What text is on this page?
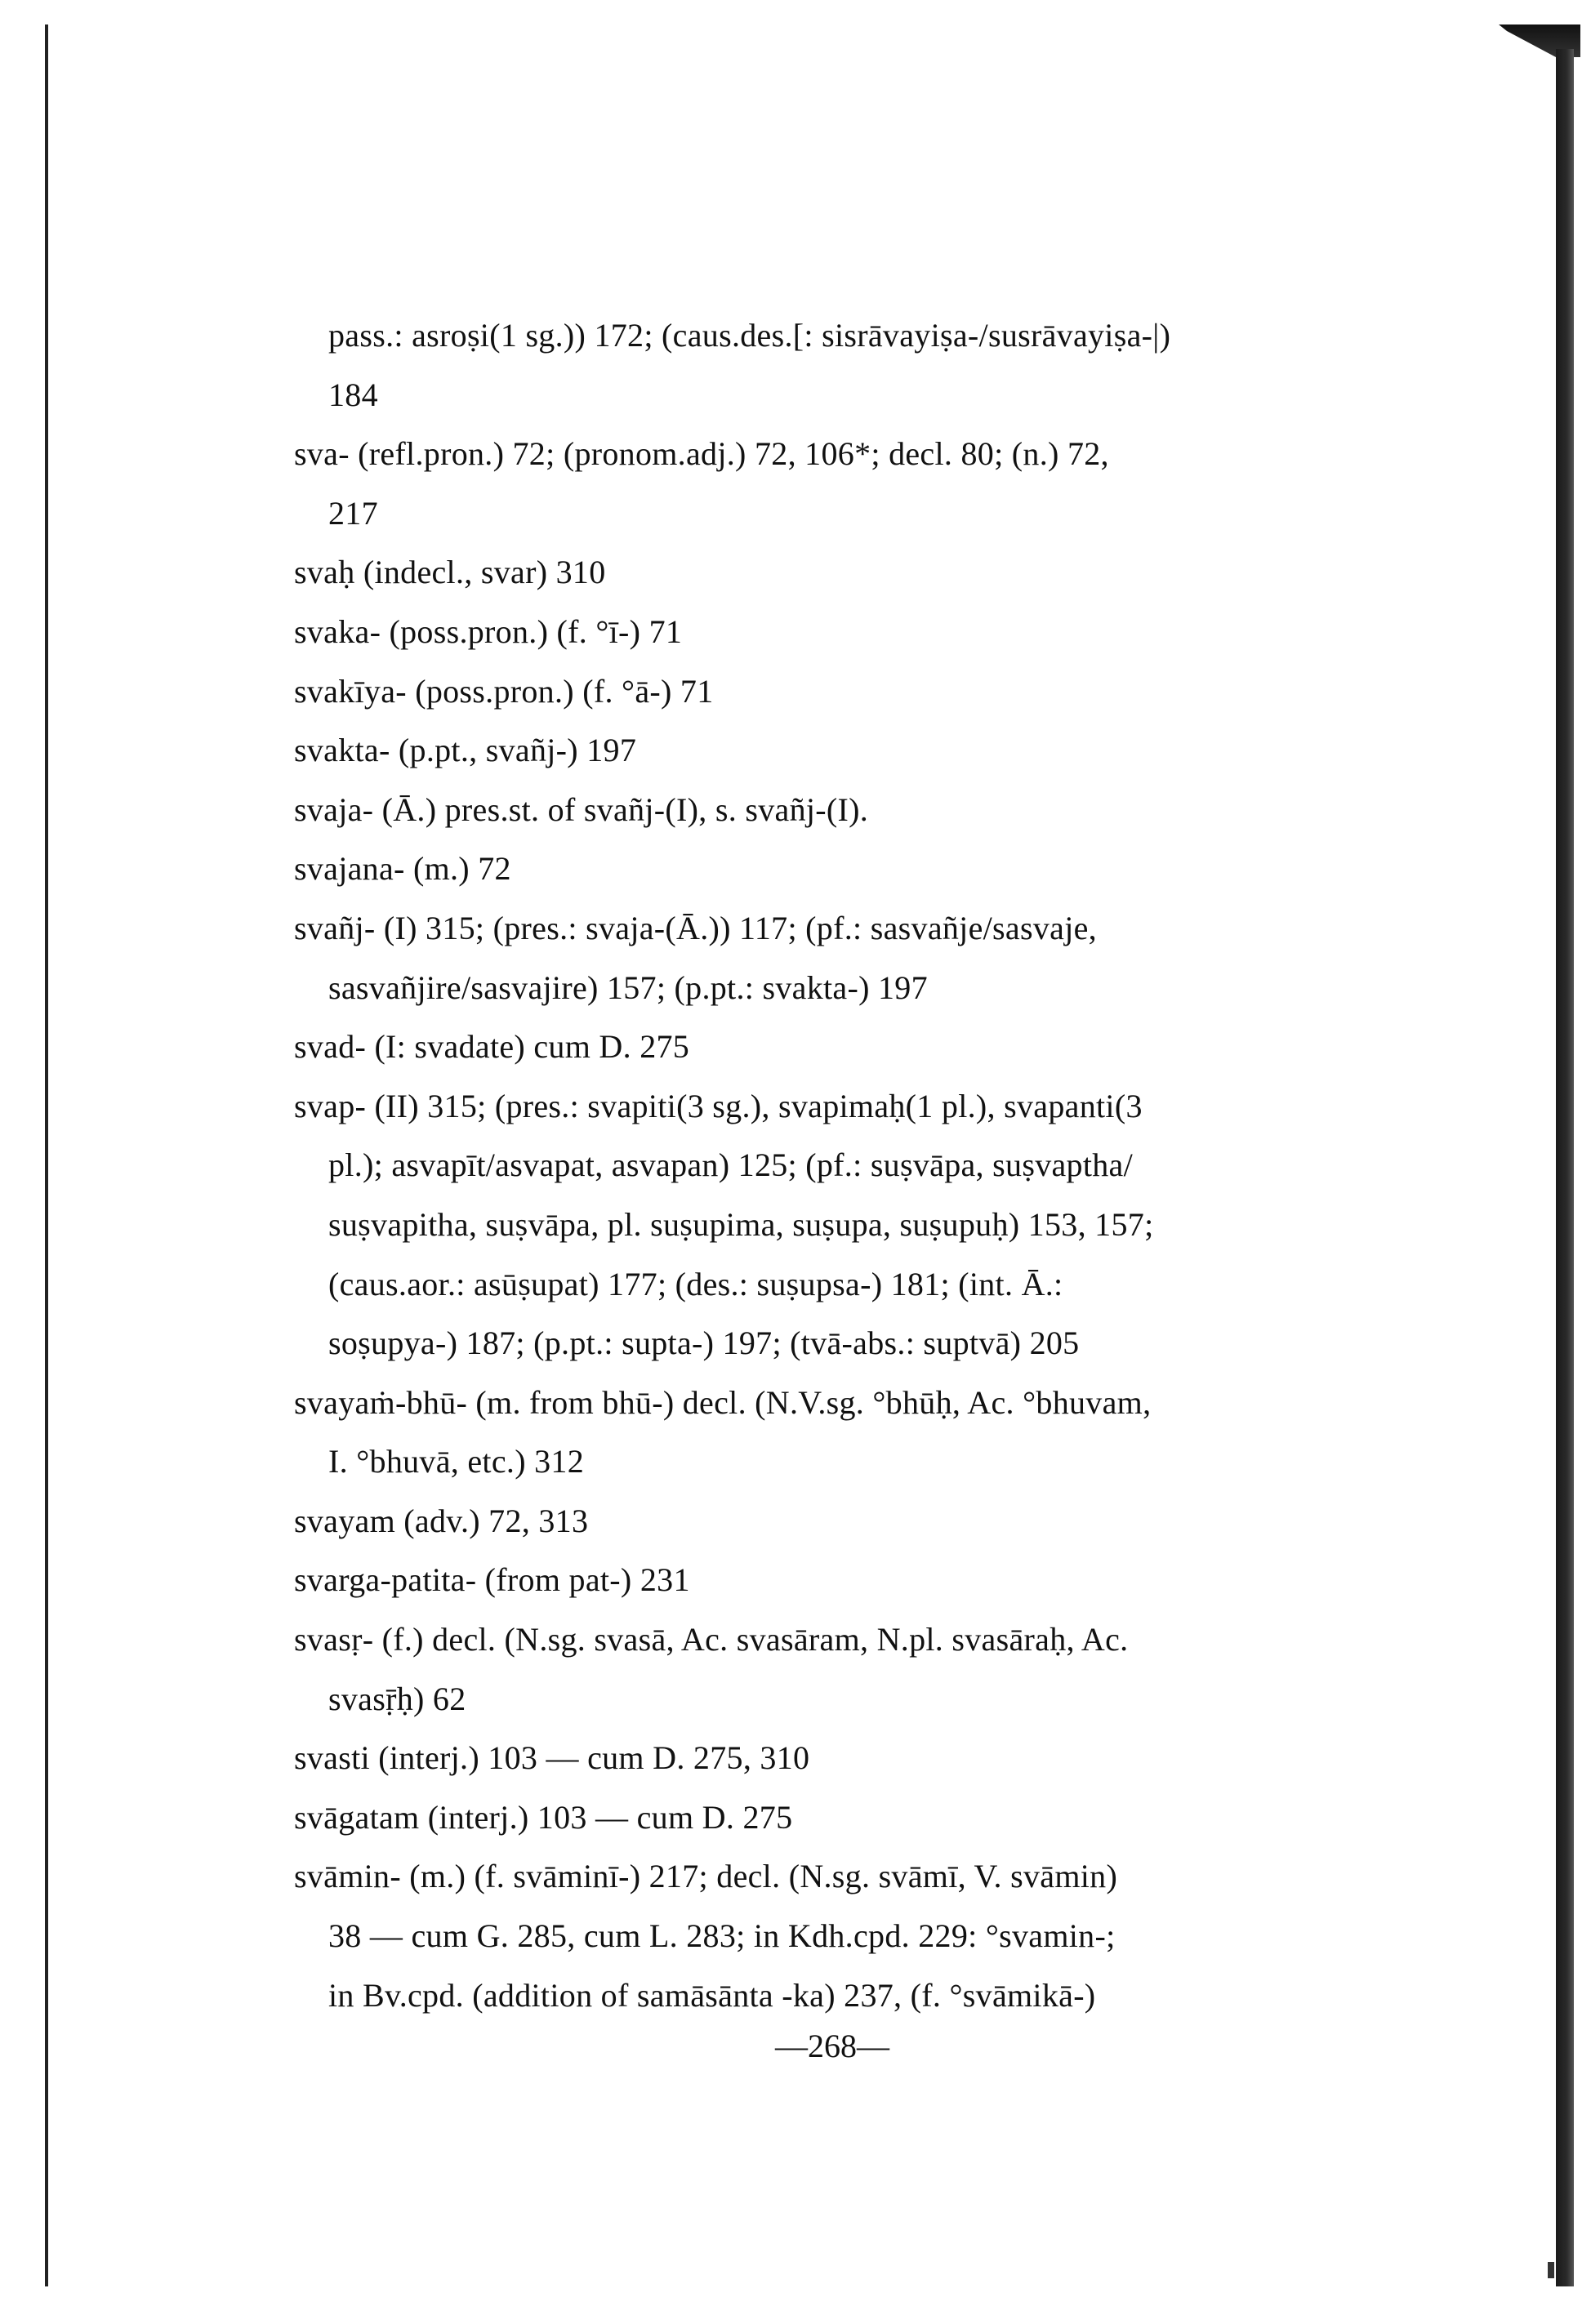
pass.: asroṣi(1 sg.)) 172; (caus.des.[: sisrāvayiṣa-/susrāvayiṣa-|)
184
sva- (refl.pron.) 72; (pronom.adj.) 72, 106*; decl. 80; (n.) 72,
217
svaḥ (indecl., svar) 310
svaka- (poss.pron.) (f. °ī-) 71
svakīya- (poss.pron.) (f. °ā-) 71
svakta- (p.pt., svañj-) 197
svaja- (Ā.) pres.st. of svañj-(I), s. svañj-(I).
svajana- (m.) 72
svañj- (I) 315; (pres.: svaja-(Ā.)) 117; (pf.: sasvañje/sasvaje,
sasvañjire/sasvajire) 157; (p.pt.: svakta-) 197
svad- (I: svadate) cum D. 275
svap- (II) 315; (pres.: svapiti(3 sg.), svapimaḥ(1 pl.), svapanti(3
pl.); asvapīt/asvapat, asvapan) 125; (pf.: suṣvāpa, suṣvaptha/
suṣvapitha, suṣvāpa, pl. suṣupima, suṣupa, suṣupuḥ) 153, 157;
(caus.aor.: asūṣupat) 177; (des.: suṣupsa-) 181; (int. Ā.:
soṣupya-) 187; (p.pt.: supta-) 197; (tvā-abs.: suptvā) 205
svayaṁ-bhū- (m. from bhū-) decl. (N.V.sg. °bhūḥ, Ac. °bhuvam,
I. °bhuvā, etc.) 312
svayam (adv.) 72, 313
svarga-patita- (from pat-) 231
svasṛ- (f.) decl. (N.sg. svasā, Ac. svasāram, N.pl. svasāraḥ, Ac.
svasṝḥ) 62
svasti (interj.) 103 — cum D. 275, 310
svāgatam (interj.) 103 — cum D. 275
svāmin- (m.) (f. svāminī-) 217; decl. (N.sg. svāmī, V. svāmin)
38 — cum G. 285, cum L. 283; in Kdh.cpd. 229: °svamin-;
in Bv.cpd. (addition of samāsānta -ka) 237, (f. °svāmikā-)
—268—
